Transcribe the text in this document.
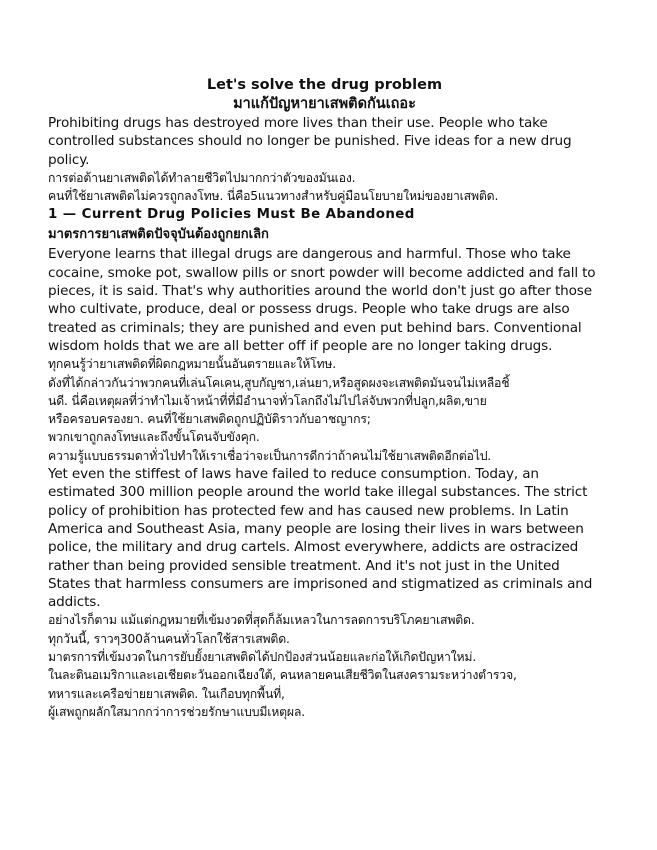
Let's solve the drug problem

มาแก้ปัญหายาเสพติดกันเถอะ

Prohibiting drugs has destroyed more lives than their use. People who take controlled substances should no longer be punished. Five ideas for a new drug policy.

การต่อต้านยาเสพติดได้ทำลายชีวิตไปมากกว่าตัวของมันเอง.

คนที่ใช้ยาเสพติดไม่ควรถูกลงโทษ. นี่คือ5แนวทางสำหรับคู่มือนโยบายใหม่ของยาเสพติด.

1 — Current Drug Policies Must Be Abandoned

มาตรการยาเสพติดปัจจุบันต้องถูกยกเลิก

Everyone learns that illegal drugs are dangerous and harmful. Those who take cocaine, smoke pot, swallow pills or snort powder will become addicted and fall to pieces, it is said. That's why authorities around the world don't just go after those who cultivate, produce, deal or possess drugs. People who take drugs are also treated as criminals; they are punished and even put behind bars. Conventional wisdom holds that we are all better off if people are no longer taking drugs.

ทุกคนรู้ว่ายาเสพติดที่ผิดกฎหมายนั้นอันตรายและให้โทษ.

ดังที่ได้กล่าวกันว่าพวกคนที่เล่นโคเคน,สูบกัญชา,เล่นยา,หรือสูดผงจะเสพติดมันจนไม่เหลือชิ้

นดี. นี่คือเหตุผลที่ว่าทำไมเจ้าหน้าที่ที่มีอำนาจทั่วโลกถึงไม่ไปไล่จับพวกที่ปลูก,ผลิต,ขาย

หรือครอบครองยา. คนที่ใช้ยาเสพติดถูกปฏิบัติราวกับอาชญากร;

พวกเขาถูกลงโทษและถึงขั้นโดนจับขังคุก.

ความรู้แบบธรรมดาทั่วไปทำให้เราเชื่อว่าจะเป็นการดีกว่าถ้าคนไม่ใช้ยาเสพติดอีกต่อไป.

Yet even the stiffest of laws have failed to reduce consumption. Today, an estimated 300 million people around the world take illegal substances. The strict policy of prohibition has protected few and has caused new problems. In Latin America and Southeast Asia, many people are losing their lives in wars between police, the military and drug cartels. Almost everywhere, addicts are ostracized rather than being provided sensible treatment. And it's not just in the United States that harmless consumers are imprisoned and stigmatized as criminals and addicts.

อย่างไรก็ตาม แม้แต่กฎหมายที่เข้มงวดที่สุดก็ล้มเหลวในการลดการบริโภคยาเสพติด.

ทุกวันนี้, ราวๆ300ล้านคนทั่วโลกใช้สารเสพติด.

มาตรการที่เข้มงวดในการยับยั้งยาเสพติดได้ปกป้องส่วนน้อยและก่อให้เกิดปัญหาใหม่.

ในละตินอเมริกาและเอเชียตะวันออกเฉียงใต้, คนหลายคนเสียชีวิตในสงครามระหว่างตำรวจ,

ทหารและเครือข่ายยาเสพติด. ในเกือบทุกพื้นที่,

ผู้เสพถูกผลักใสมากกว่าการช่วยรักษาแบบมีเหตุผล.
